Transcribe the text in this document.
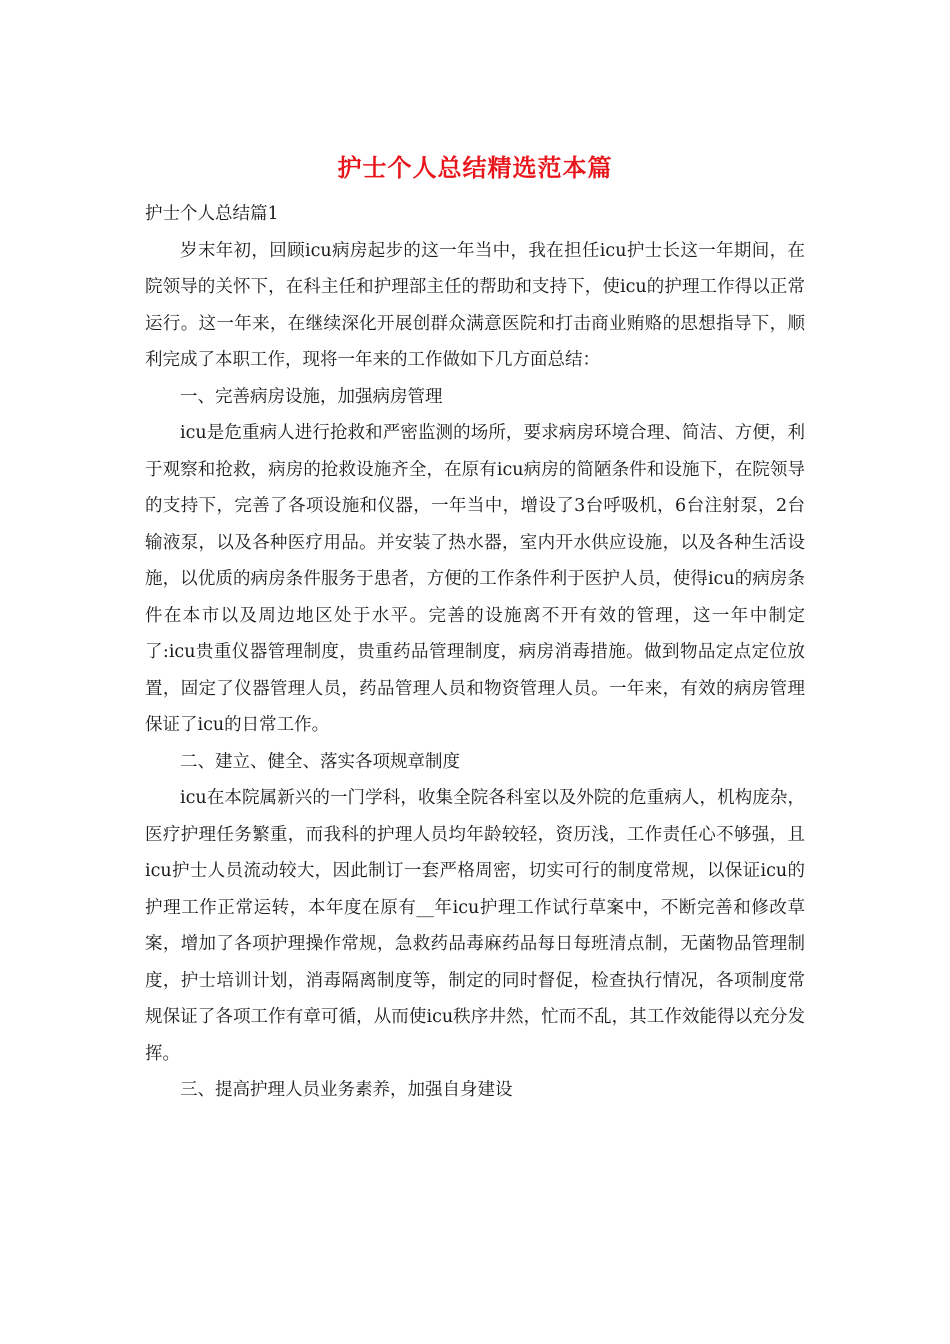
护士个人总结精选范本篇

护士个人总结篇1

岁末年初，回顾icu病房起步的这一年当中，我在担任icu护士长这一年期间，在院领导的关怀下，在科主任和护理部主任的帮助和支持下，使icu的护理工作得以正常运行。这一年来，在继续深化开展创群众满意医院和打击商业贿赂的思想指导下，顺利完成了本职工作，现将一年来的工作做如下几方面总结：

一、完善病房设施，加强病房管理

icu是危重病人进行抢救和严密监测的场所，要求病房环境合理、简洁、方便，利于观察和抢救，病房的抢救设施齐全，在原有icu病房的简陋条件和设施下，在院领导的支持下，完善了各项设施和仪器，一年当中，增设了3台呼吸机，6台注射泵，2台输液泵，以及各种医疗用品。并安装了热水器，室内开水供应设施，以及各种生活设施，以优质的病房条件服务于患者，方便的工作条件利于医护人员，使得icu的病房条件在本市以及周边地区处于水平。完善的设施离不开有效的管理，这一年中制定了:icu贵重仪器管理制度，贵重药品管理制度，病房消毒措施。做到物品定点定位放置，固定了仪器管理人员，药品管理人员和物资管理人员。一年来，有效的病房管理保证了icu的日常工作。

二、建立、健全、落实各项规章制度

icu在本院属新兴的一门学科，收集全院各科室以及外院的危重病人，机构庞杂，医疗护理任务繁重，而我科的护理人员均年龄较轻，资历浅，工作责任心不够强，且icu护士人员流动较大，因此制订一套严格周密，切实可行的制度常规，以保证icu的护理工作正常运转，本年度在原有__年icu护理工作试行草案中，不断完善和修改草案，增加了各项护理操作常规，急救药品毒麻药品每日每班清点制，无菌物品管理制度，护士培训计划，消毒隔离制度等，制定的同时督促，检查执行情况，各项制度常规保证了各项工作有章可循，从而使icu秩序井然，忙而不乱，其工作效能得以充分发挥。

三、提高护理人员业务素养，加强自身建设
